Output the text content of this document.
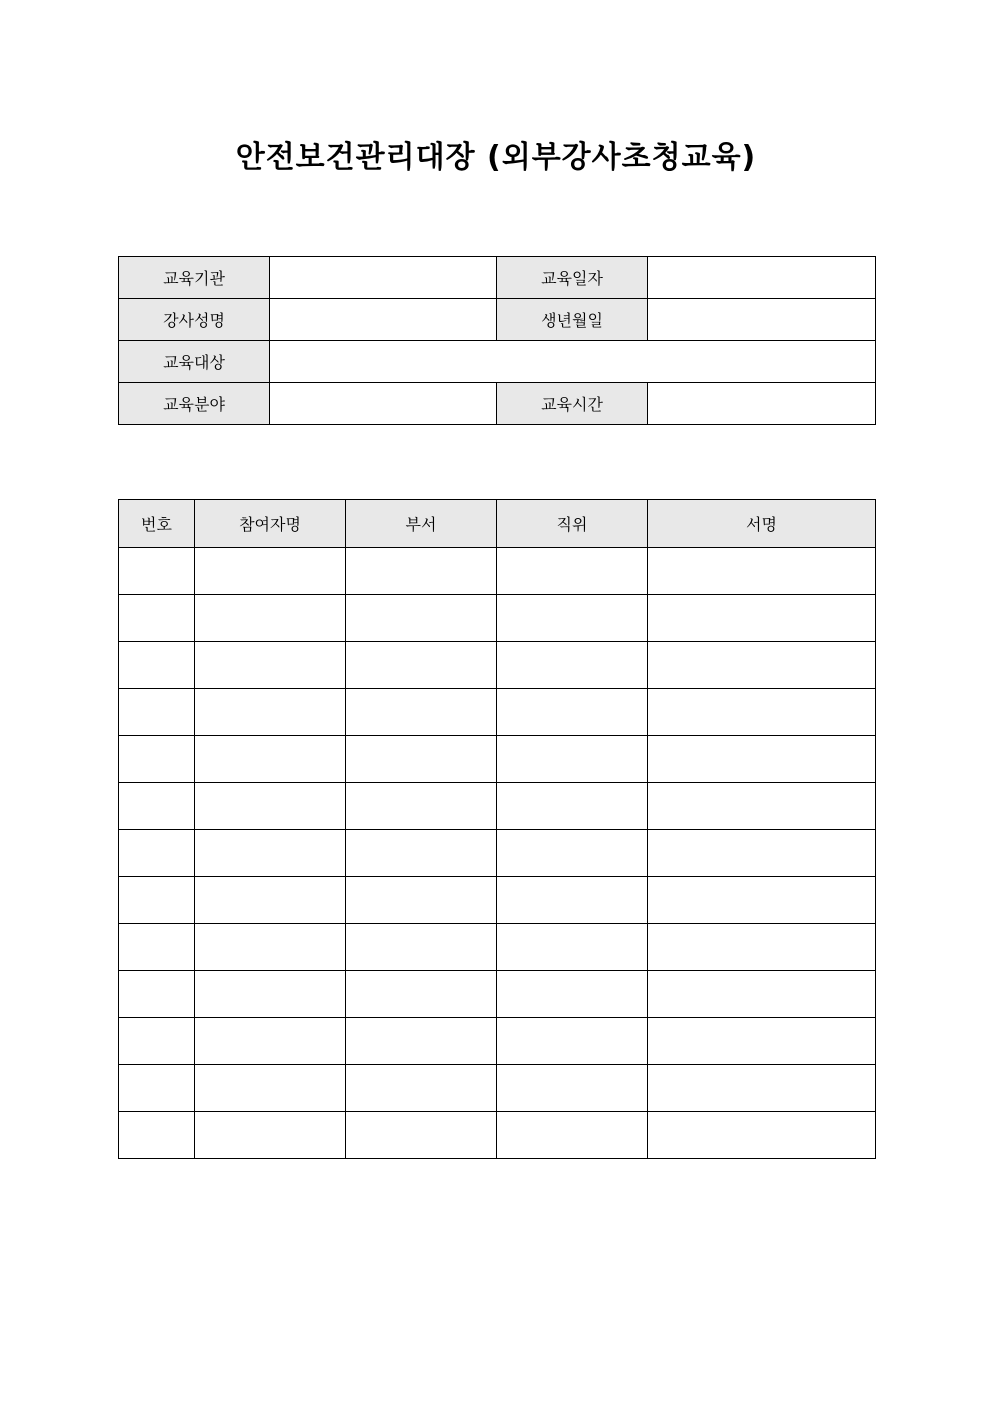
안전보건관리대장 (외부강사초청교육)
교육기관		교육일자	
강사성명		생년월일	
교육대상			
교육분야		교육시간	
번호	참여자명	부서	직위	서명
